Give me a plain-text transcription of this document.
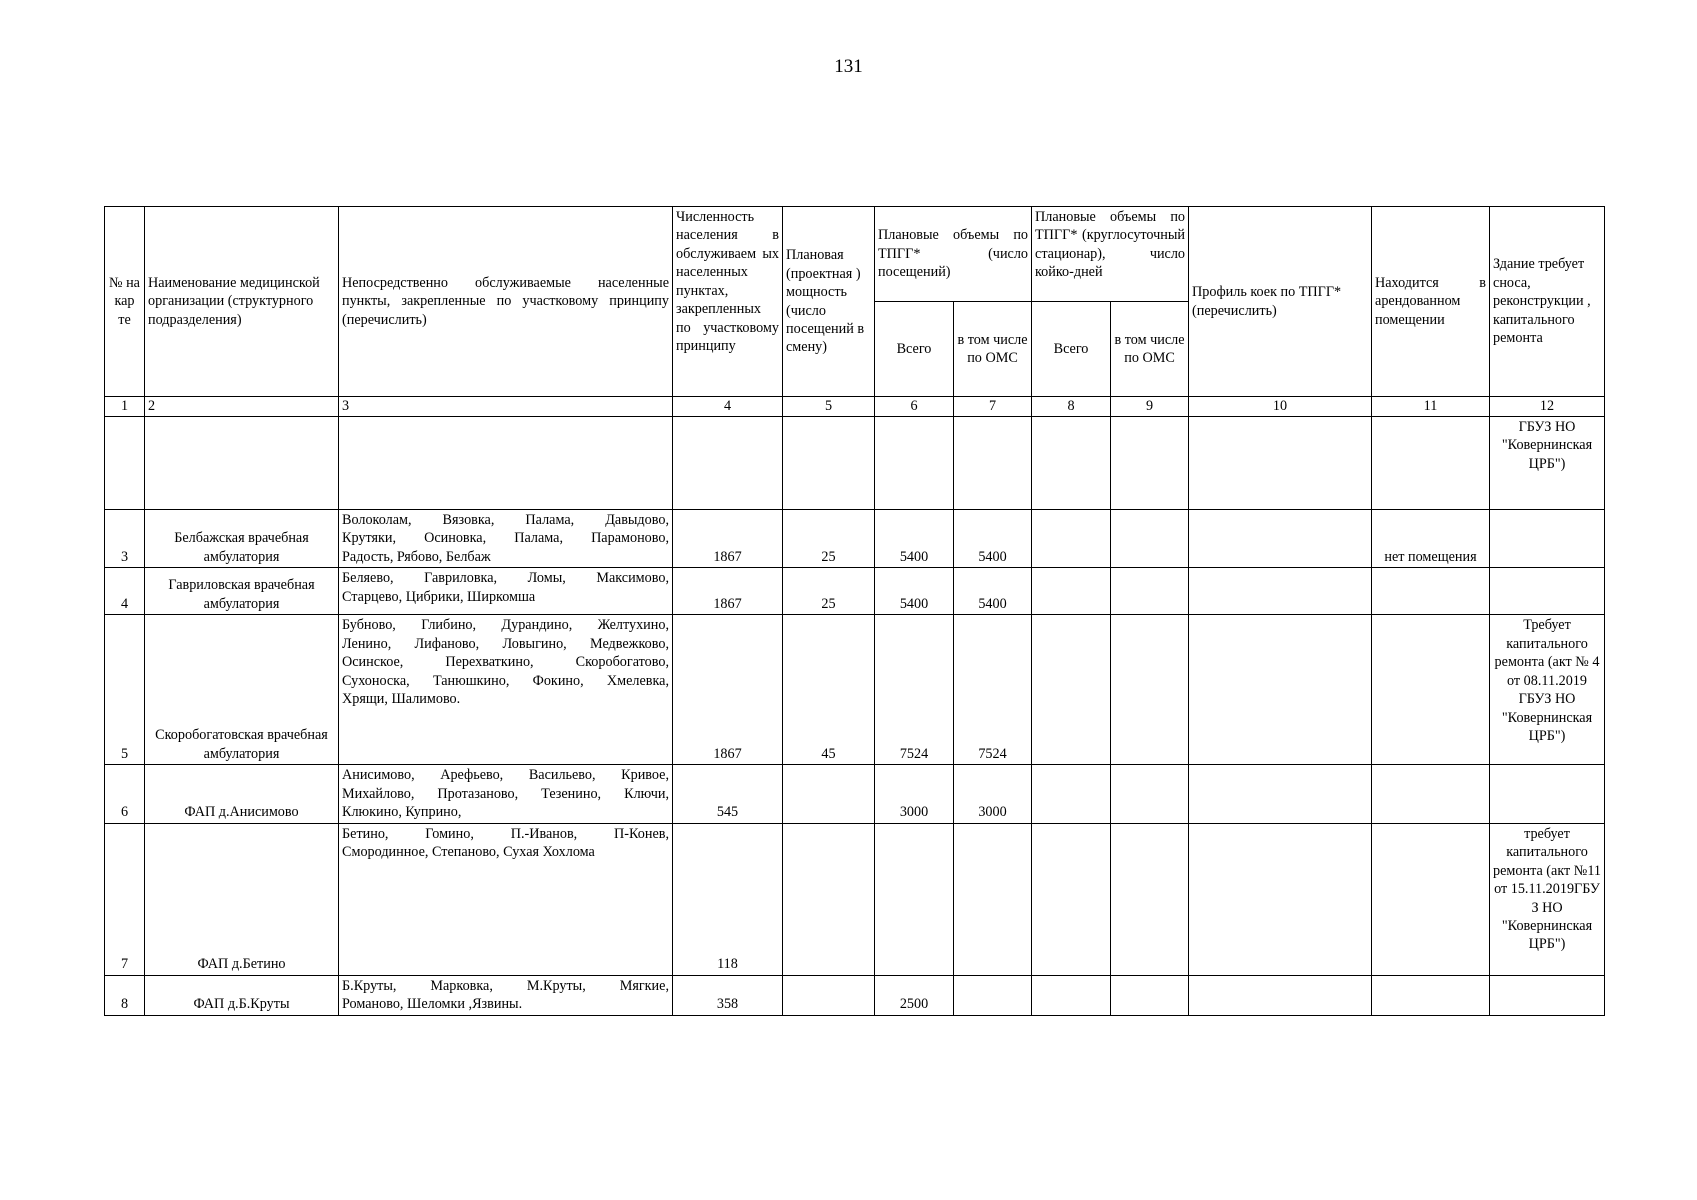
131
№ на кар те	Наименование медицинской организации (структурного подразделения)	Непосредственно обслуживаемые населенные пункты, закрепленные по участковому принципу (перечислить)	Численность населения в обслуживаем ых населенных пунктах, закрепленных по участковому принципу	Плановая (проектная ) мощность (число посещений в смену)	Плановые объемы по ТПГГ* (число посещений)		Плановые объемы по ТПГГ* (круглосуточный стационар), число койко-дней		Профиль коек по ТПГГ* (перечислить)	Находится в арендованном помещении	Здание требует сноса, реконструкции , капитального ремонта
					Всего	в том числе по ОМС	Всего	в том числе по ОМС			
1	2	3	4	5	6	7	8	9	10	11	12
											ГБУЗ НО "Ковернинская ЦРБ")
3	Белбажская врачебная амбулатория	Волоколам, Вязовка, Палама, Давыдово,
Крутяки, Осиновка, Палама, Парамоново,
Радость, Рябово, Белбаж	1867	25	5400	5400				нет помещения	
4	Гавриловская врачебная амбулатория	Беляево, Гавриловка, Ломы, Максимово,
Старцево, Цибрики, Ширкомша	1867	25	5400	5400					
5	Скоробогатовская врачебная амбулатория	Бубново, Глибино, Дурандино, Желтухино,
Ленино, Лифаново, Ловыгино, Медвежково,
Осинское, Перехваткино, Скоробогатово,
Сухоноска, Танюшкино, Фокино, Хмелевка,
Хрящи, Шалимово.	1867	45	7524	7524					Требует капитального ремонта (акт № 4 от 08.11.2019 ГБУЗ НО "Ковернинская ЦРБ")
6	ФАП д.Анисимово	Анисимово, Арефьево, Васильево, Кривое,
Михайлово, Протазаново, Тезенино, Ключи,
Клюкино, Куприно,	545		3000	3000					
7	ФАП д.Бетино	Бетино, Гомино, П.-Иванов, П-Конев,
Смородинное, Степаново, Сухая Хохлома	118								требует капитального ремонта (акт №11 от 15.11.2019ГБУ З НО "Ковернинская ЦРБ")
8	ФАП д.Б.Круты	Б.Круты, Марковка, М.Круты, Мягкие,
Романово, Шеломки ,Язвины.	358		2500						
